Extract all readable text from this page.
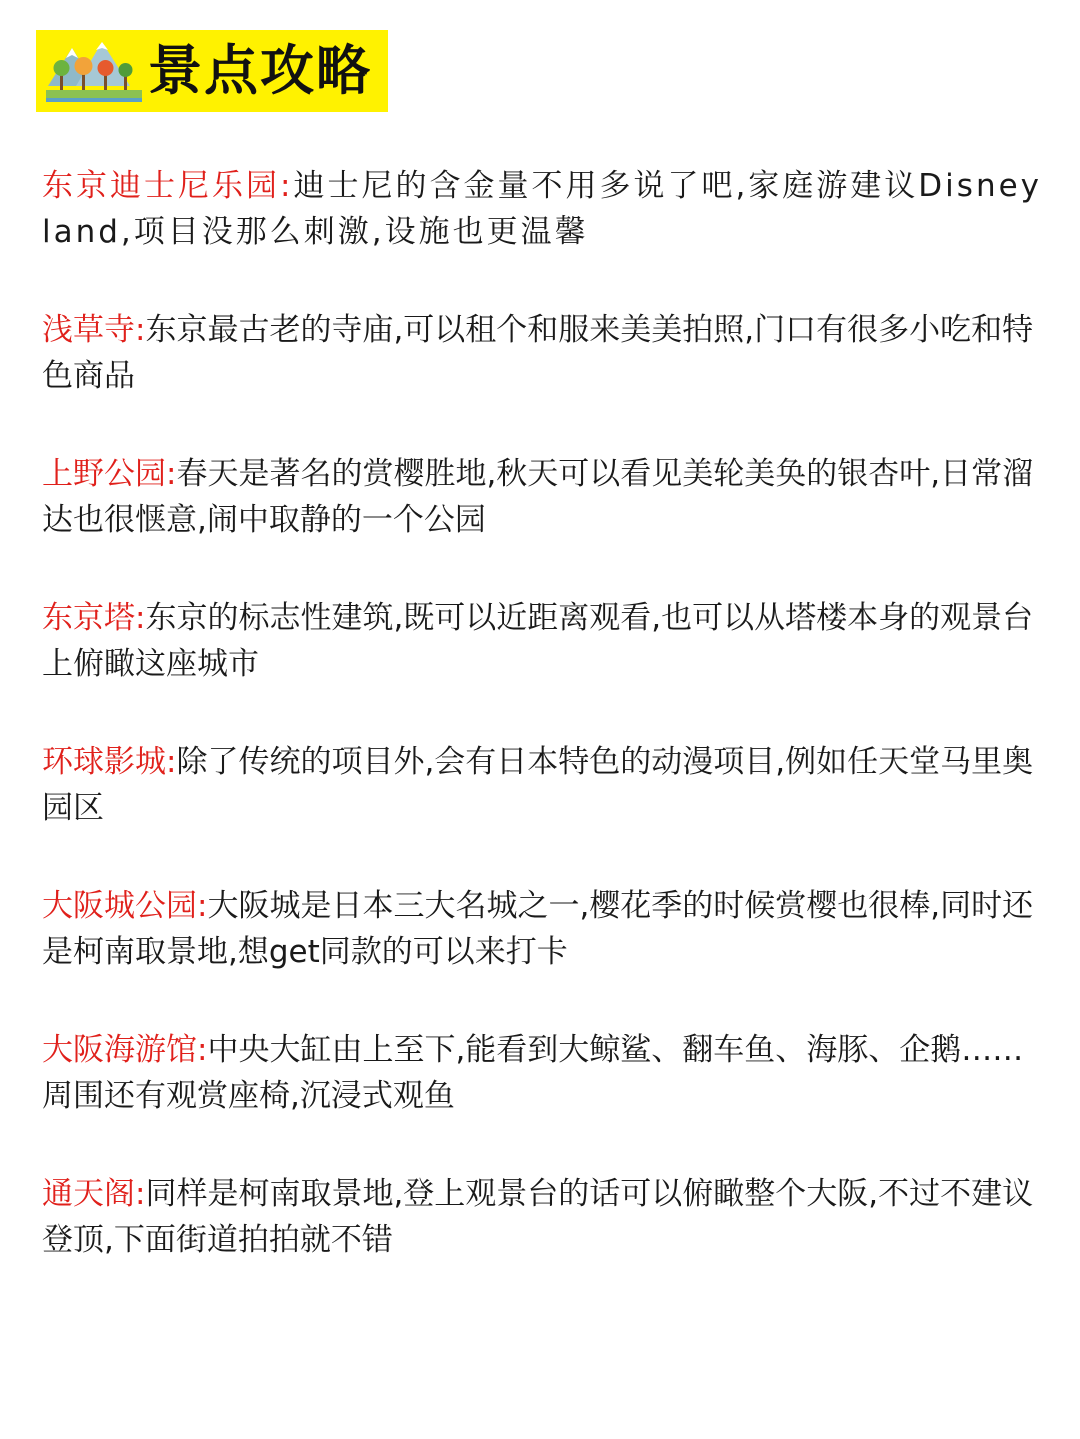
景点攻略

东京迪士尼乐园:迪士尼的含金量不用多说了吧,家庭游建议Disneyland,项目没那么刺激,设施也更温馨

浅草寺:东京最古老的寺庙,可以租个和服来美美拍照,门口有很多小吃和特色商品

上野公园:春天是著名的赏樱胜地,秋天可以看见美轮美奂的银杏叶,日常溜达也很惬意,闹中取静的一个公园

东京塔:东京的标志性建筑,既可以近距离观看,也可以从塔楼本身的观景台上俯瞰这座城市

环球影城:除了传统的项目外,会有日本特色的动漫项目,例如任天堂马里奥园区

大阪城公园:大阪城是日本三大名城之一,樱花季的时候赏樱也很棒,同时还是柯南取景地,想get同款的可以来打卡

大阪海游馆:中央大缸由上至下,能看到大鲸鲨、翻车鱼、海豚、企鹅……周围还有观赏座椅,沉浸式观鱼

通天阁:同样是柯南取景地,登上观景台的话可以俯瞰整个大阪,不过不建议登顶,下面街道拍拍就不错
